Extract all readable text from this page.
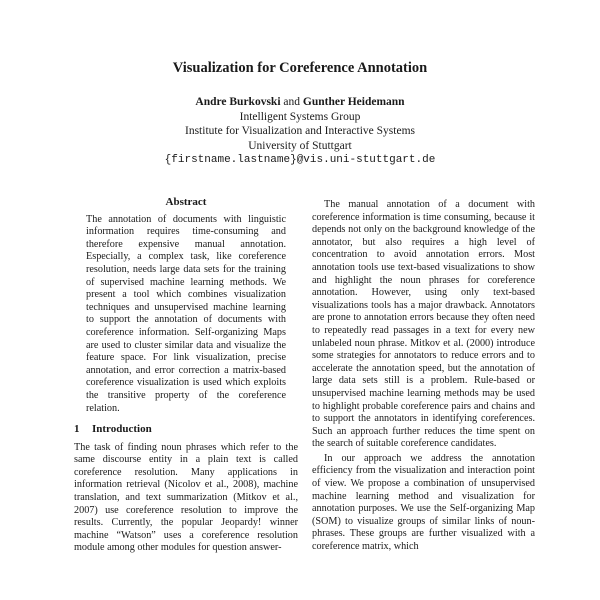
Visualization for Coreference Annotation
Andre Burkovski and Gunther Heidemann
Intelligent Systems Group
Institute for Visualization and Interactive Systems
University of Stuttgart
{firstname.lastname}@vis.uni-stuttgart.de
Abstract

The annotation of documents with linguistic information requires time-consuming and therefore expensive manual annotation. Especially, a complex task, like coreference resolution, needs large data sets for the training of supervised machine learning methods. We present a tool which combines visualization techniques and unsupervised machine learning to support the annotation of documents with coreference information. Self-organizing Maps are used to cluster similar data and visualize the feature space. For link visualization, precise annotation, and error correction a matrix-based coreference visualization is used which exploits the transitive property of the coreference relation.

1 Introduction

The task of finding noun phrases which refer to the same discourse entity in a plain text is called coreference resolution. Many applications in information retrieval (Nicolov et al., 2008), machine translation, and text summarization (Mitkov et al., 2007) use coreference resolution to improve the results. Currently, the popular Jeopardy! winner machine “Watson” uses a coreference resolution module among other modules for question answer-

The manual annotation of a document with coreference information is time consuming, because it depends not only on the background knowledge of the annotator, but also requires a high level of concentration to avoid annotation errors. Most annotation tools use text-based visualizations to show and highlight the noun phrases for coreference annotation. However, using only text-based visualizations tools has a major drawback. Annotators are prone to annotation errors because they often need to repeatedly read passages in a text for every new unlabeled noun phrase. Mitkov et al. (2000) introduce some strategies for annotators to reduce errors and to accelerate the annotation speed, but the annotation of large data sets still is a problem. Rule-based or unsupervised machine learning methods may be used to highlight probable coreference pairs and chains and to support the annotators in identifying coreferences. Such an approach further reduces the time spent on the search of suitable coreference candidates.

In our approach we address the annotation efficiency from the visualization and interaction point of view. We propose a combination of unsupervised machine learning method and visualization for annotation purposes. We use the Self-organizing Map (SOM) to visualize groups of similar links of noun-phrases. These groups are further visualized with a coreference matrix, which
